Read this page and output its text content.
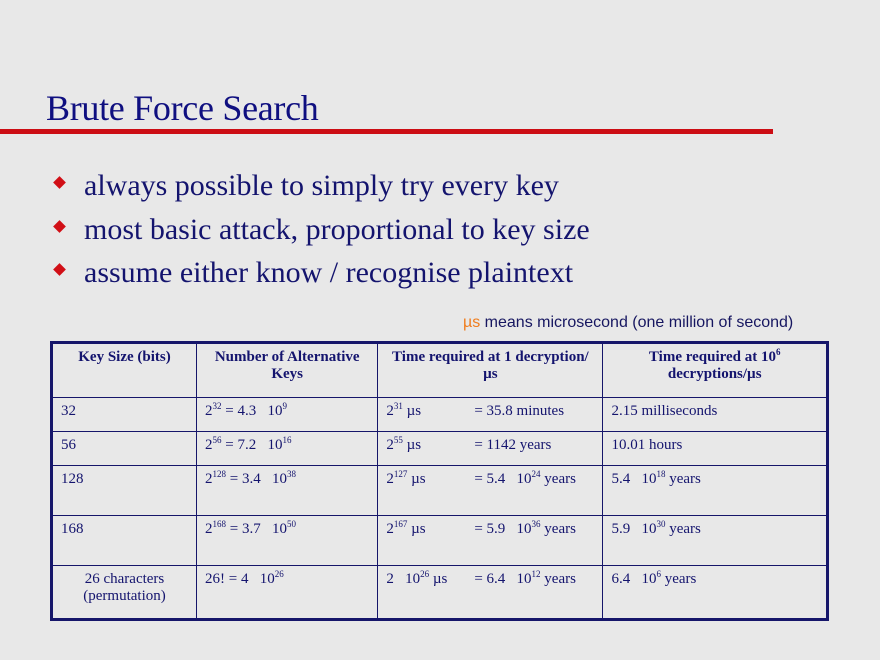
Brute Force Search
always possible to simply try every key
most basic attack, proportional to key size
assume either know / recognise plaintext
µs means microsecond (one million of second)
Key Size (bits)	Number of Alternative Keys	Time required at 1 decryption/µs	Time required at $10^6$ decryptions/µs
32	$2^{32} = 4.3$   $10^9$	$2^{31}$ µs = 35.8 minutes	2.15 milliseconds
56	$2^{56} = 7.2$   $10^{16}$	$2^{55}$ µs = 1142 years	10.01 hours
128	$2^{128} = 3.4$   $10^{38}$	$2^{127}$ µs = 5.4   $10^{24}$ years	5.4   $10^{18}$ years
168	$2^{168} = 3.7$   $10^{50}$	$2^{167}$ µs = 5.9   $10^{36}$ years	5.9   $10^{30}$ years
26 characters
(permutation)	26! = 4   $10^{26}$	2   $10^{26}$ µs = 6.4   $10^{12}$ years	6.4   $10^6$ years
